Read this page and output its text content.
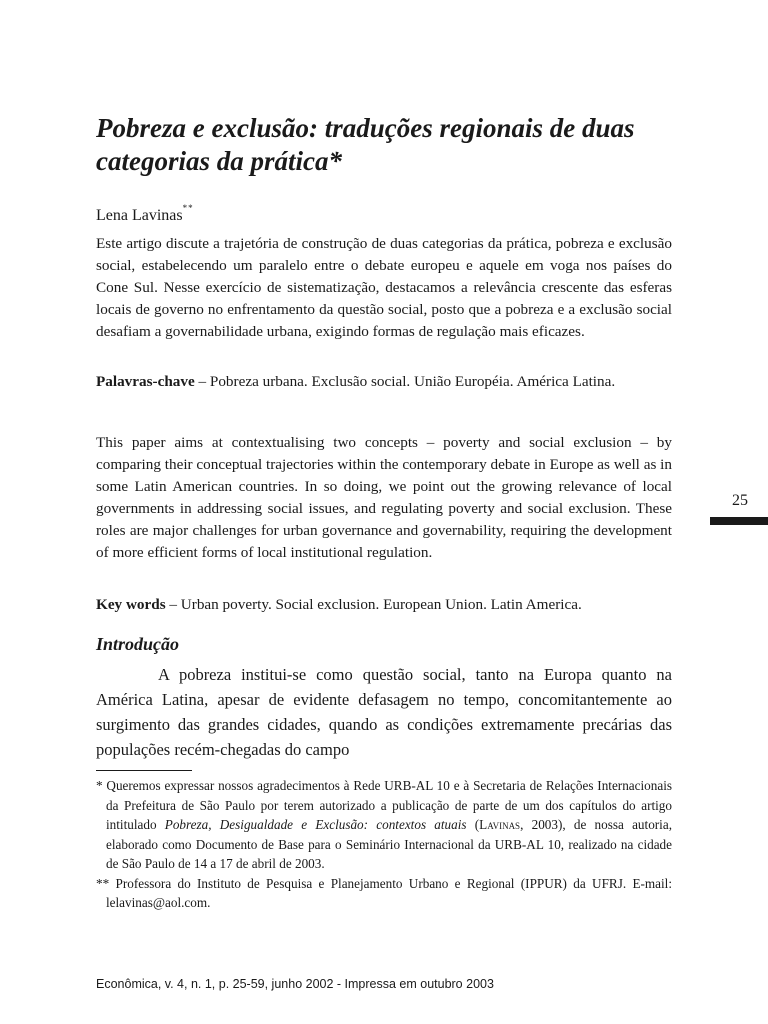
Pobreza e exclusão: traduções regionais de duas categorias da prática*

Lena Lavinas**

Este artigo discute a trajetória de construção de duas categorias da prática, pobreza e exclusão social, estabelecendo um paralelo entre o debate europeu e aquele em voga nos países do Cone Sul. Nesse exercício de sistematização, destacamos a relevância crescente das esferas locais de governo no enfrentamento da questão social, posto que a pobreza e a exclusão social desafiam a governabilidade urbana, exigindo formas de regulação mais eficazes.

Palavras-chave – Pobreza urbana. Exclusão social. União Européia. América Latina.

This paper aims at contextualising two concepts – poverty and social exclusion – by comparing their conceptual trajectories within the contemporary debate in Europe as well as in some Latin American countries. In so doing, we point out the growing relevance of local governments in addressing social issues, and regulating poverty and social exclusion. These roles are major challenges for urban governance and governability, requiring the development of more efficient forms of local institutional regulation.

Key words – Urban poverty. Social exclusion. European Union. Latin America.

Introdução

A pobreza institui-se como questão social, tanto na Europa quanto na América Latina, apesar de evidente defasagem no tempo, concomitantemente ao surgimento das grandes cidades, quando as condições extremamente precárias das populações recém-chegadas do campo

* Queremos expressar nossos agradecimentos à Rede URB-AL 10 e à Secretaria de Relações Internacionais da Prefeitura de São Paulo por terem autorizado a publicação de parte de um dos capítulos do artigo intitulado Pobreza, Desigualdade e Exclusão: contextos atuais (Lavinas, 2003), de nossa autoria, elaborado como Documento de Base para o Seminário Internacional da URB-AL 10, realizado na cidade de São Paulo de 14 a 17 de abril de 2003.

** Professora do Instituto de Pesquisa e Planejamento Urbano e Regional (IPPUR) da UFRJ. E-mail: lelavinas@aol.com.

25
Econômica, v. 4, n. 1, p. 25-59, junho 2002 - Impressa em outubro 2003
